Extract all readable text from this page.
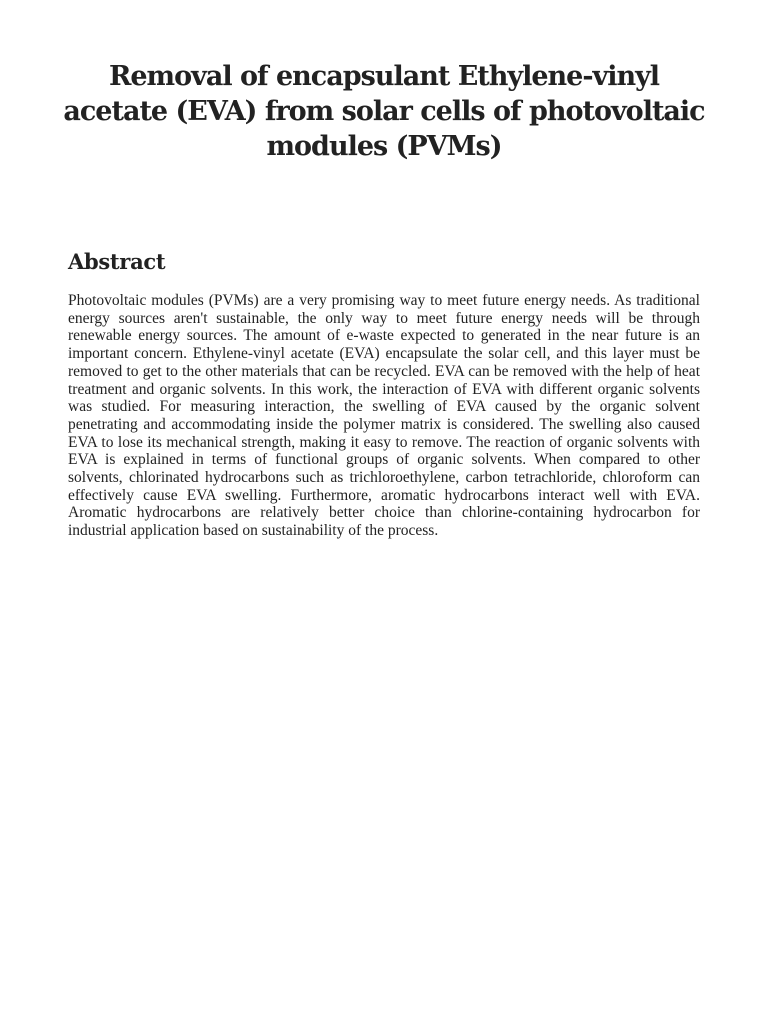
Removal of encapsulant Ethylene-vinyl acetate (EVA) from solar cells of photovoltaic modules (PVMs)
Abstract

Photovoltaic modules (PVMs) are a very promising way to meet future energy needs. As traditional energy sources aren't sustainable, the only way to meet future energy needs will be through renewable energy sources. The amount of e-waste expected to generated in the near future is an important concern. Ethylene-vinyl acetate (EVA) encapsulate the solar cell, and this layer must be removed to get to the other materials that can be recycled. EVA can be removed with the help of heat treatment and organic solvents. In this work, the interaction of EVA with different organic solvents was studied. For measuring interaction, the swelling of EVA caused by the organic solvent penetrating and accommodating inside the polymer matrix is considered. The swelling also caused EVA to lose its mechanical strength, making it easy to remove. The reaction of organic solvents with EVA is explained in terms of functional groups of organic solvents. When compared to other solvents, chlorinated hydrocarbons such as trichloroethylene, carbon tetrachloride, chloroform can effectively cause EVA swelling. Furthermore, aromatic hydrocarbons interact well with EVA. Aromatic hydrocarbons are relatively better choice than chlorine-containing hydrocarbon for industrial application based on sustainability of the process.
